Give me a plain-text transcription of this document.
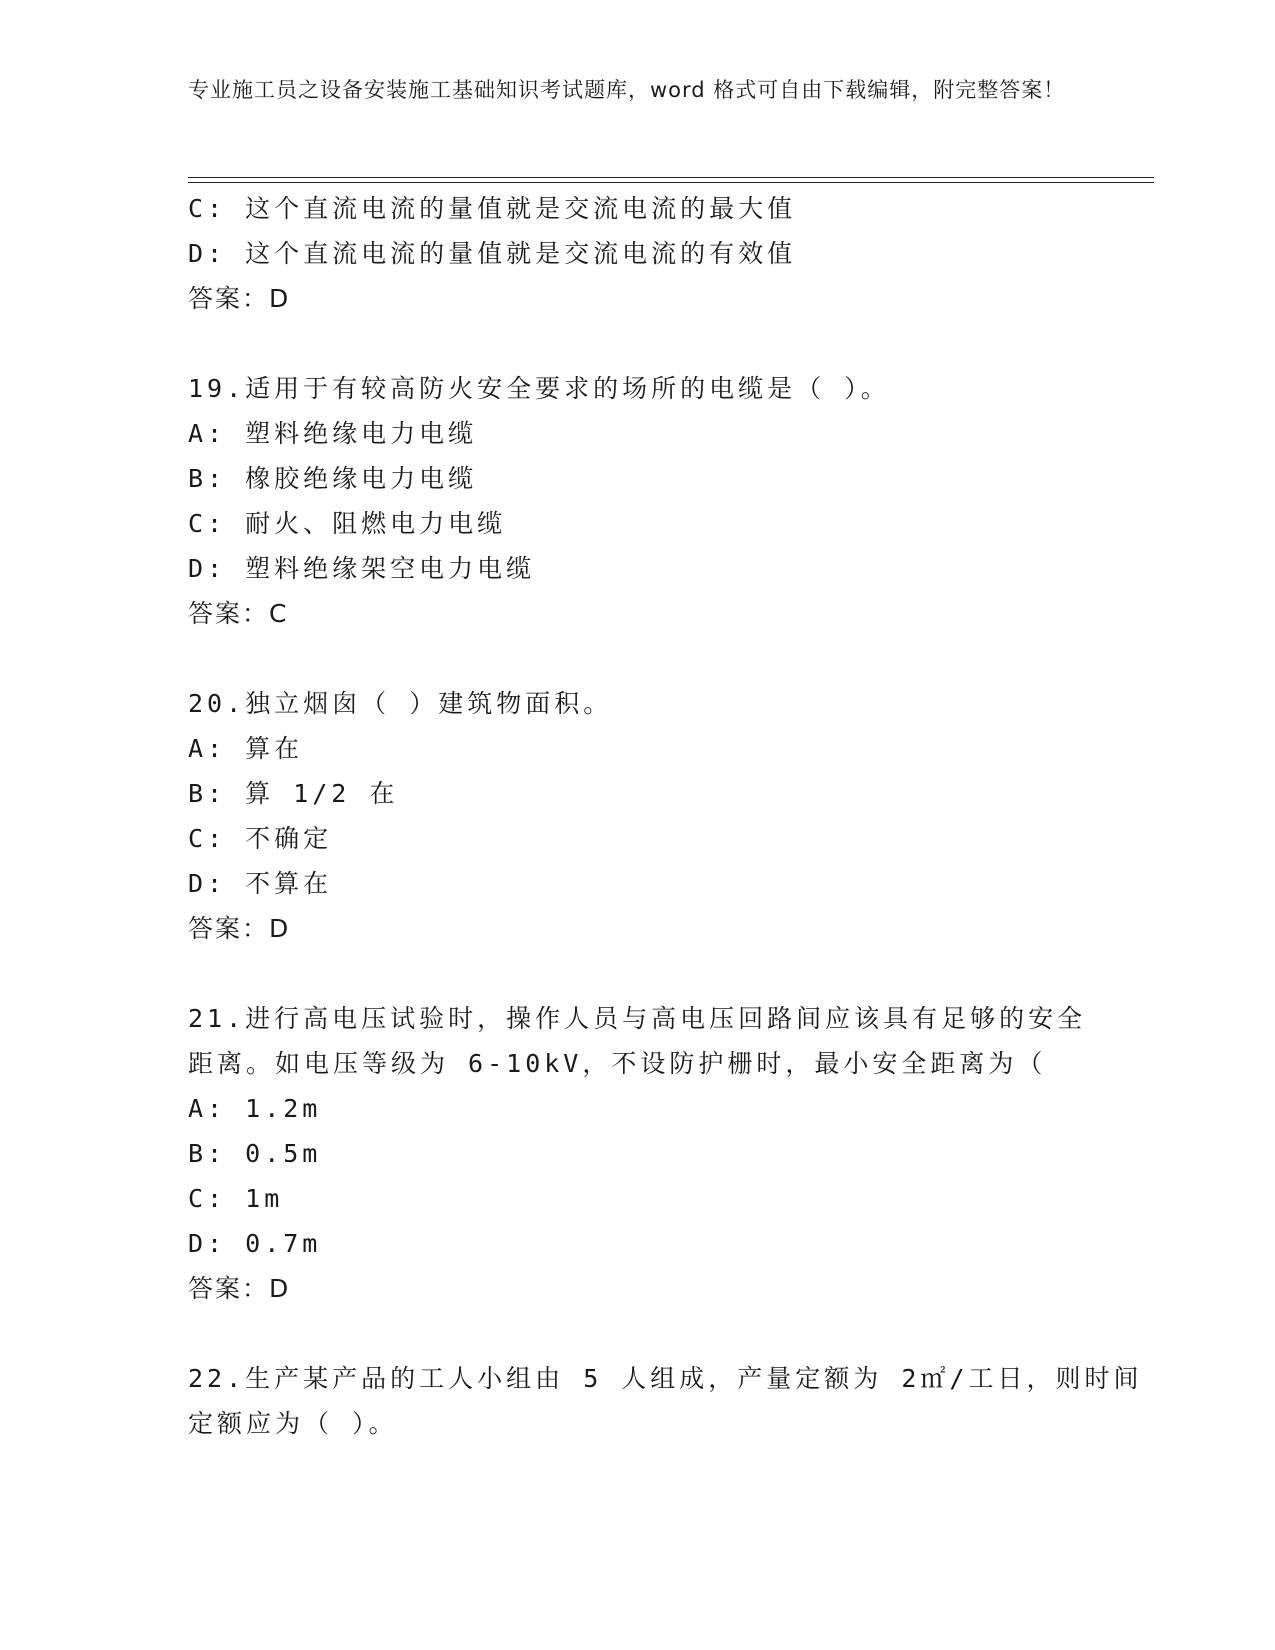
专业施工员之设备安装施工基础知识考试题库，word 格式可自由下载编辑，附完整答案！
C: 这个直流电流的量值就是交流电流的最大值
D: 这个直流电流的量值就是交流电流的有效值
答案：D
19.适用于有较高防火安全要求的场所的电缆是（ ）。
A: 塑料绝缘电力电缆
B: 橡胶绝缘电力电缆
C: 耐火、阻燃电力电缆
D: 塑料绝缘架空电力电缆
答案：C
20.独立烟囱（ ）建筑物面积。
A: 算在
B: 算 1/2 在
C: 不确定
D: 不算在
答案：D
21.进行高电压试验时，操作人员与高电压回路间应该具有足够的安全
距离。如电压等级为 6-10kV，不设防护栅时，最小安全距离为（
A: 1.2m
B: 0.5m
C: 1m
D: 0.7m
答案：D
22.生产某产品的工人小组由 5 人组成，产量定额为 2㎡/工日，则时间
定额应为（ ）。
